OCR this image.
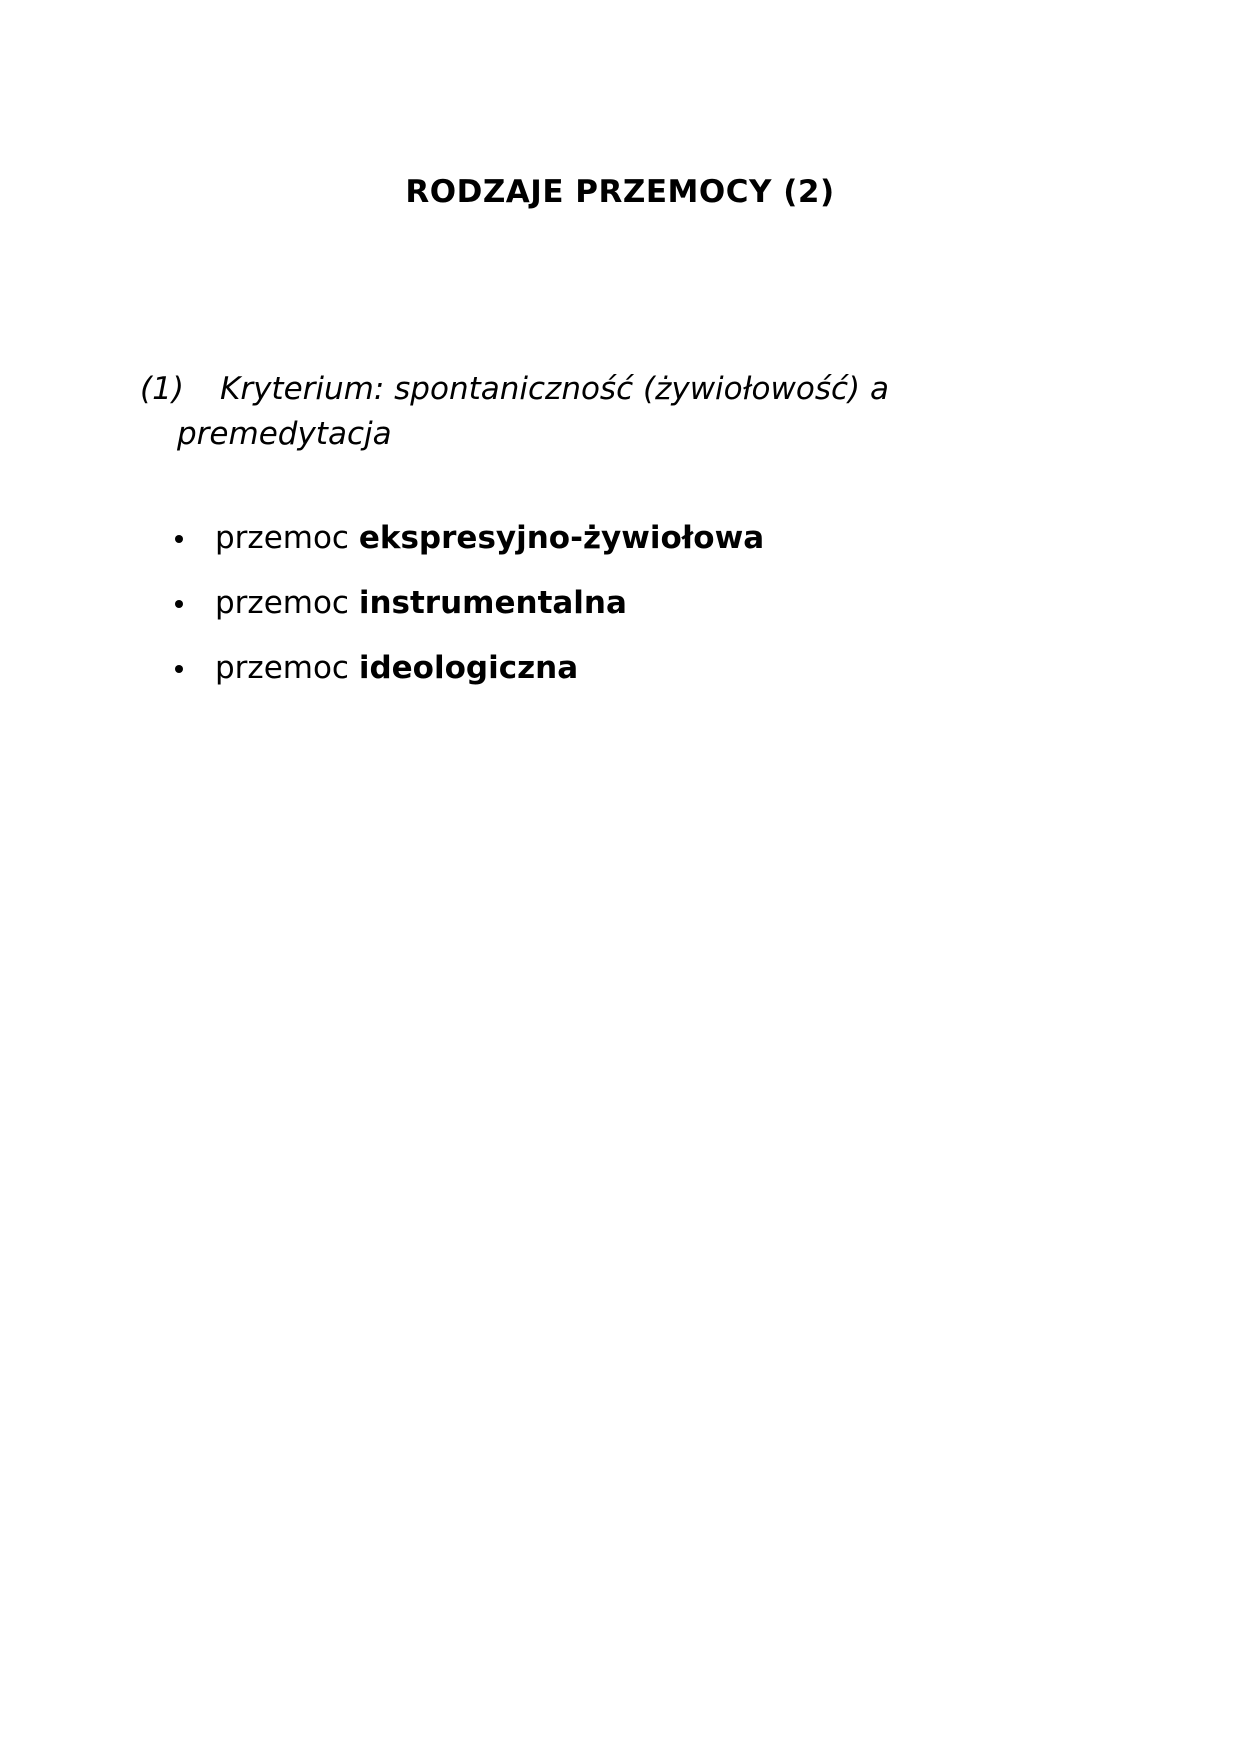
RODZAJE PRZEMOCY (2)
(1) Kryterium: spontaniczność (żywiołowość) a
premedytacja
przemoc ekspresyjno-żywiołowa
przemoc instrumentalna
przemoc ideologiczna
